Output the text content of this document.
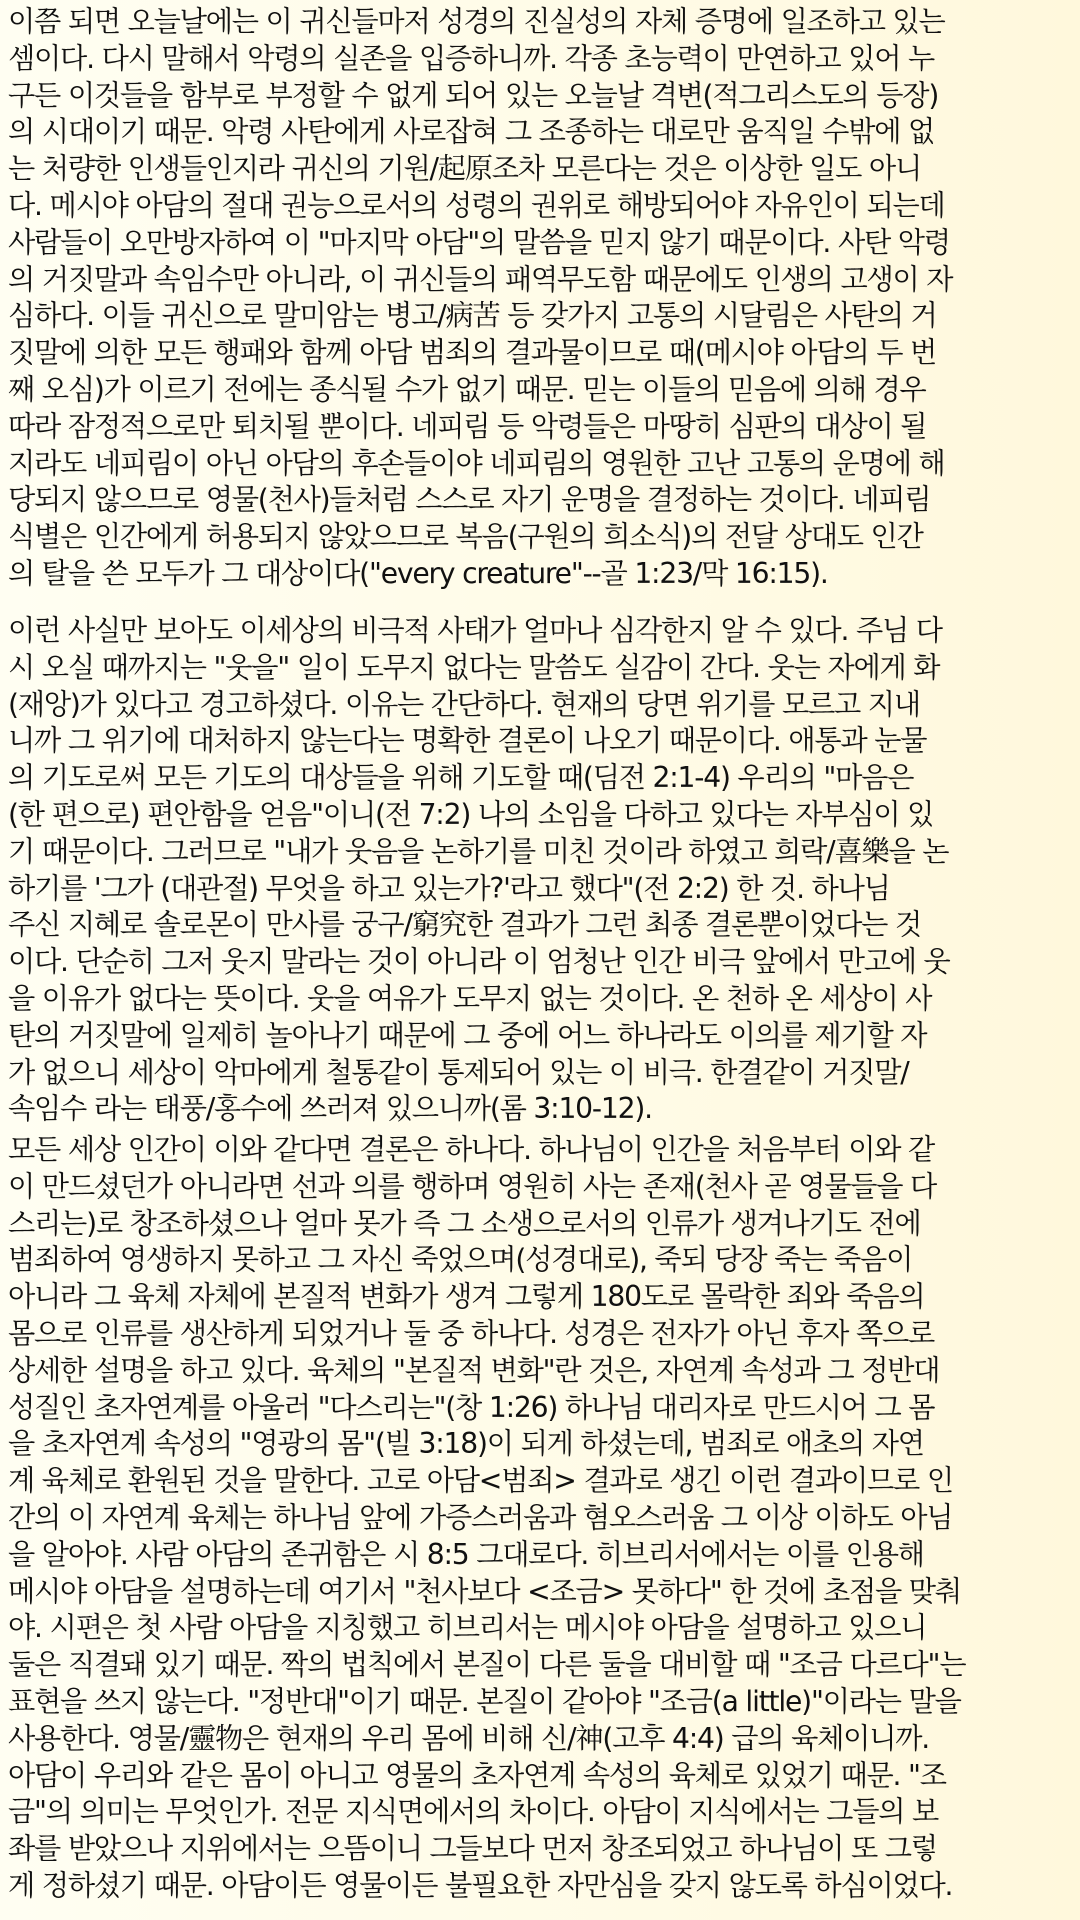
이쯤 되면 오늘날에는 이 귀신들마저 성경의 진실성의 자체 증명에 일조하고 있는
셈이다. 다시 말해서 악령의 실존을 입증하니까. 각종 초능력이 만연하고 있어 누
구든 이것들을 함부로 부정할 수 없게 되어 있는 오늘날 격변(적그리스도의 등장)
의 시대이기 때문. 악령 사탄에게 사로잡혀 그 조종하는 대로만 움직일 수밖에 없
는 처량한 인생들인지라 귀신의 기원/起原조차 모른다는 것은 이상한 일도 아니
다. 메시야 아담의 절대 권능으로서의 성령의 권위로 해방되어야 자유인이 되는데
사람들이 오만방자하여 이 "마지막 아담"의 말씀을 믿지 않기 때문이다. 사탄 악령
의 거짓말과 속임수만 아니라, 이 귀신들의 패역무도함 때문에도 인생의 고생이 자
심하다. 이들 귀신으로 말미암는 병고/病苦 등 갖가지 고통의 시달림은 사탄의 거
짓말에 의한 모든 행패와 함께 아담 범죄의 결과물이므로 때(메시야 아담의 두 번
째 오심)가 이르기 전에는 종식될 수가 없기 때문. 믿는 이들의 믿음에 의해 경우
따라 잠정적으로만 퇴치될 뿐이다. 네피림 등 악령들은 마땅히 심판의 대상이 될
지라도 네피림이 아닌 아담의 후손들이야 네피림의 영원한 고난 고통의 운명에 해
당되지 않으므로 영물(천사)들처럼 스스로 자기 운명을 결정하는 것이다. 네피림
식별은 인간에게 허용되지 않았으므로 복음(구원의 희소식)의 전달 상대도 인간
의 탈을 쓴 모두가 그 대상이다("every creature"--골 1:23/막 16:15).
이런 사실만 보아도 이세상의 비극적 사태가 얼마나 심각한지 알 수 있다. 주님 다
시 오실 때까지는 "웃을" 일이 도무지 없다는 말씀도 실감이 간다. 웃는 자에게 화
(재앙)가 있다고 경고하셨다. 이유는 간단하다. 현재의 당면 위기를 모르고 지내
니까 그 위기에 대처하지 않는다는 명확한 결론이 나오기 때문이다. 애통과 눈물
의 기도로써 모든 기도의 대상들을 위해 기도할 때(딤전 2:1-4) 우리의 "마음은
(한 편으로) 편안함을 얻음"이니(전 7:2) 나의 소임을 다하고 있다는 자부심이 있
기 때문이다. 그러므로 "내가 웃음을 논하기를 미친 것이라 하였고 희락/喜樂을 논
하기를 '그가 (대관절) 무엇을 하고 있는가?'라고 했다"(전 2:2) 한 것. 하나님
주신 지혜로 솔로몬이 만사를 궁구/窮究한 결과가 그런 최종 결론뿐이었다는 것
이다. 단순히 그저 웃지 말라는 것이 아니라 이 엄청난 인간 비극 앞에서 만고에 웃
을 이유가 없다는 뜻이다. 웃을 여유가 도무지 없는 것이다. 온 천하 온 세상이 사
탄의 거짓말에 일제히 놀아나기 때문에 그 중에 어느 하나라도 이의를 제기할 자
가 없으니 세상이 악마에게 철통같이 통제되어 있는 이 비극. 한결같이 거짓말/
속임수 라는 태풍/홍수에 쓰러져 있으니까(롬 3:10-12).
모든 세상 인간이 이와 같다면 결론은 하나다. 하나님이 인간을 처음부터 이와 같
이 만드셨던가 아니라면 선과 의를 행하며 영원히 사는 존재(천사 곧 영물들을 다
스리는)로 창조하셨으나 얼마 못가 즉 그 소생으로서의 인류가 생겨나기도 전에
범죄하여 영생하지 못하고 그 자신 죽었으며(성경대로), 죽되 당장 죽는 죽음이
아니라 그 육체 자체에 본질적 변화가 생겨 그렇게 180도로 몰락한 죄와 죽음의
몸으로 인류를 생산하게 되었거나 둘 중 하나다. 성경은 전자가 아닌 후자 쪽으로
상세한 설명을 하고 있다. 육체의 "본질적 변화"란 것은, 자연계 속성과 그 정반대
성질인 초자연계를 아울러 "다스리는"(창 1:26) 하나님 대리자로 만드시어 그 몸
을 초자연계 속성의 "영광의 몸"(빌 3:18)이 되게 하셨는데, 범죄로 애초의 자연
계 육체로 환원된 것을 말한다. 고로 아담<범죄> 결과로 생긴 이런 결과이므로 인
간의 이 자연계 육체는 하나님 앞에 가증스러움과 혐오스러움 그 이상 이하도 아님
을 알아야. 사람 아담의 존귀함은 시 8:5 그대로다. 히브리서에서는 이를 인용해
메시야 아담을 설명하는데 여기서 "천사보다 <조금> 못하다" 한 것에 초점을 맞춰
야. 시편은 첫 사람 아담을 지칭했고 히브리서는 메시야 아담을 설명하고 있으니
둘은 직결돼 있기 때문. 짝의 법칙에서 본질이 다른 둘을 대비할 때 "조금 다르다"는
표현을 쓰지 않는다. "정반대"이기 때문. 본질이 같아야 "조금(a little)"이라는 말을
사용한다. 영물/靈物은 현재의 우리 몸에 비해 신/神(고후 4:4) 급의 육체이니까.
아담이 우리와 같은 몸이 아니고 영물의 초자연계 속성의 육체로 있었기 때문. "조
금"의 의미는 무엇인가. 전문 지식면에서의 차이다. 아담이 지식에서는 그들의 보
좌를 받았으나 지위에서는 으뜸이니 그들보다 먼저 창조되었고 하나님이 또 그렇
게 정하셨기 때문. 아담이든 영물이든 불필요한 자만심을 갖지 않도록 하심이었다.
